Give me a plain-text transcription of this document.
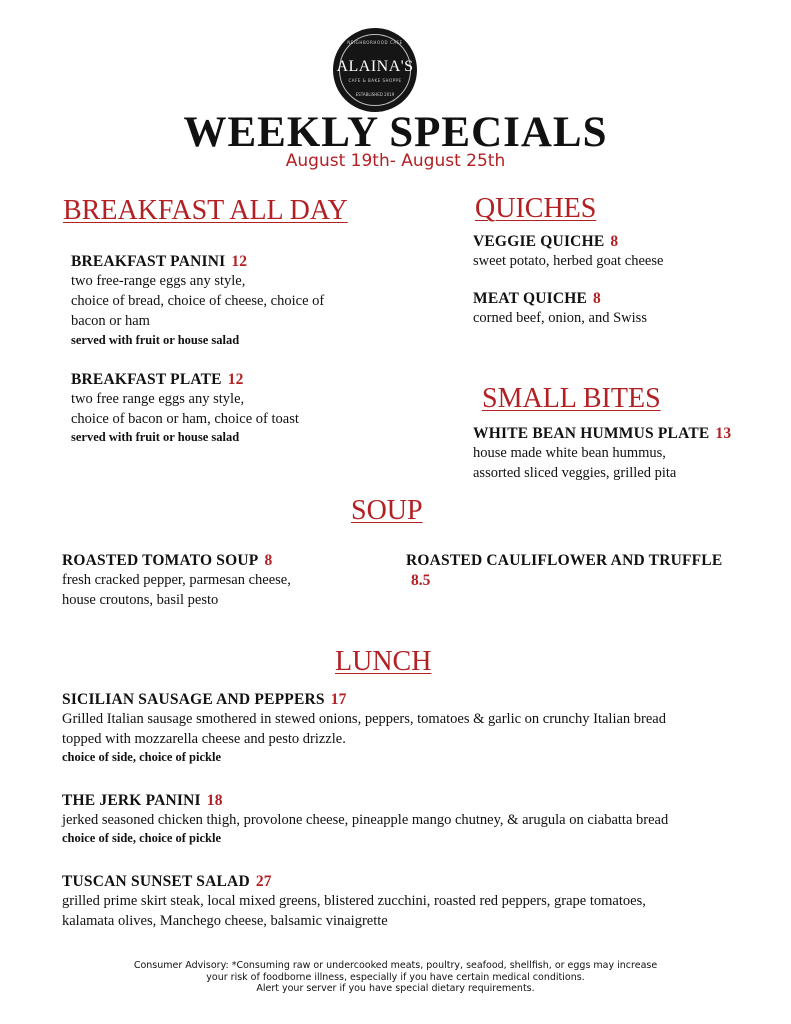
NEIGHBORHOOD CAFE
ALAINA'S
CAFE & BAKE SHOPPE
ESTABLISHED 2019
WEEKLY SPECIALS
August 19th- August 25th
BREAKFAST ALL DAY
BREAKFAST PANINI 12
two free-range eggs any style,
choice of bread, choice of cheese, choice of
bacon or ham
served with fruit or house salad
BREAKFAST PLATE 12
two free range eggs any style,
choice of bacon or ham, choice of toast
served with fruit or house salad
QUICHES
VEGGIE QUICHE 8
sweet potato, herbed goat cheese
MEAT QUICHE 8
corned beef, onion, and Swiss
SMALL BITES
WHITE BEAN HUMMUS PLATE 13
house made white bean hummus,
assorted sliced veggies, grilled pita
SOUP
ROASTED TOMATO SOUP 8
fresh cracked pepper, parmesan cheese,
house croutons, basil pesto
ROASTED CAULIFLOWER AND TRUFFLE
8.5
LUNCH
SICILIAN SAUSAGE AND PEPPERS 17
Grilled Italian sausage smothered in stewed onions, peppers, tomatoes & garlic on crunchy Italian bread
topped with mozzarella cheese and pesto drizzle.
choice of side, choice of pickle
THE JERK PANINI 18
jerked seasoned chicken thigh, provolone cheese, pineapple mango chutney, & arugula on ciabatta bread
choice of side, choice of pickle
TUSCAN SUNSET SALAD 27
grilled prime skirt steak, local mixed greens, blistered zucchini, roasted red peppers, grape tomatoes,
kalamata olives, Manchego cheese, balsamic vinaigrette
Consumer Advisory: *Consuming raw or undercooked meats, poultry, seafood, shellfish, or eggs may increase
your risk of foodborne illness, especially if you have certain medical conditions.
Alert your server if you have special dietary requirements.
